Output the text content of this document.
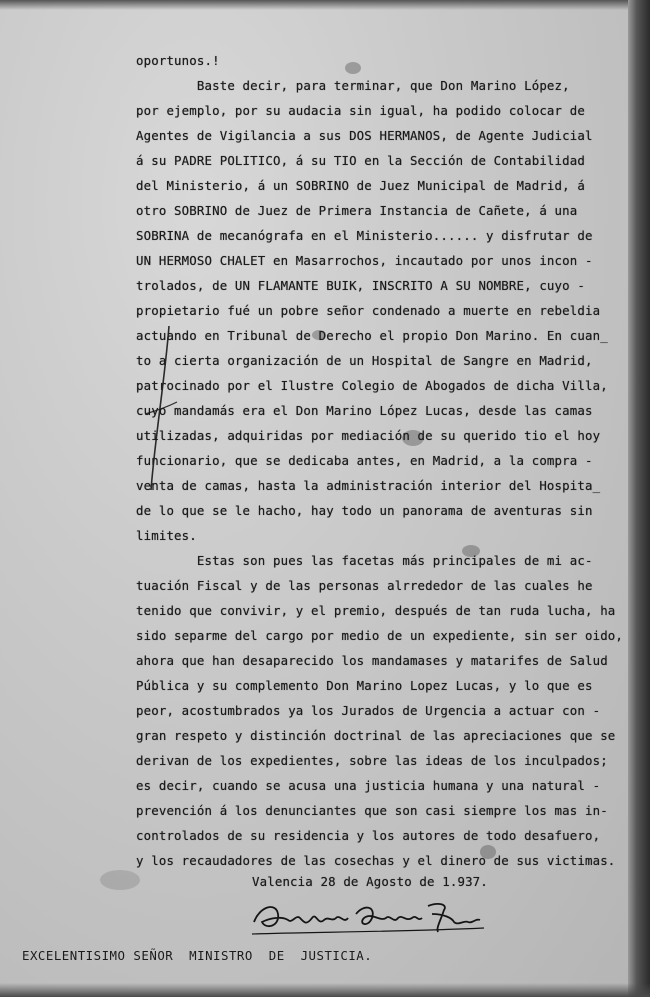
oportunos.!
Baste decir, para terminar, que Don Marino López,
por ejemplo, por su audacia sin igual, ha podido colocar de
Agentes de Vigilancia a sus DOS HERMANOS, de Agente Judicial
á su PADRE POLITICO, á su TIO en la Sección de Contabilidad
del Ministerio, á un SOBRINO de Juez Municipal de Madrid, á
otro SOBRINO de Juez de Primera Instancia de Cañete, á una
SOBRINA de mecanógrafa en el Ministerio...... y disfrutar de
UN HERMOSO CHALET en Masarrochos, incautado por unos incon -
trolados, de UN FLAMANTE BUIK, INSCRITO A SU NOMBRE, cuyo -
propietario fué un pobre señor condenado a muerte en rebeldia
actuando en Tribunal de Derecho el propio Don Marino. En cuan_
to a cierta organización de un Hospital de Sangre en Madrid,
patrocinado por el Ilustre Colegio de Abogados de dicha Villa,
cuyo mandamás era el Don Marino López Lucas, desde las camas
utilizadas, adquiridas por mediación de su querido tio el hoy
funcionario, que se dedicaba antes, en Madrid, a la compra -
venta de camas, hasta la administración interior del Hospita_
de lo que se le hacho, hay todo un panorama de aventuras sin
limites.
Estas son pues las facetas más principales de mi ac-
tuación Fiscal y de las personas alrrededor de las cuales he
tenido que convivir, y el premio, después de tan ruda lucha, ha
sido separme del cargo por medio de un expediente, sin ser oido,
ahora que han desaparecido los mandamases y matarifes de Salud
Pública y su complemento Don Marino Lopez Lucas, y lo que es
peor, acostumbrados ya los Jurados de Urgencia a actuar con -
gran respeto y distinción doctrinal de las apreciaciones que se
derivan de los expedientes, sobre las ideas de los inculpados;
es decir, cuando se acusa una justicia humana y una natural -
prevención á los denunciantes que son casi siempre los mas in-
controlados de su residencia y los autores de todo desafuero,
y los recaudadores de las cosechas y el dinero de sus victimas.
Valencia 28 de Agosto de 1.937.
EXCELENTISIMO SEÑOR  MINISTRO  DE  JUSTICIA.
